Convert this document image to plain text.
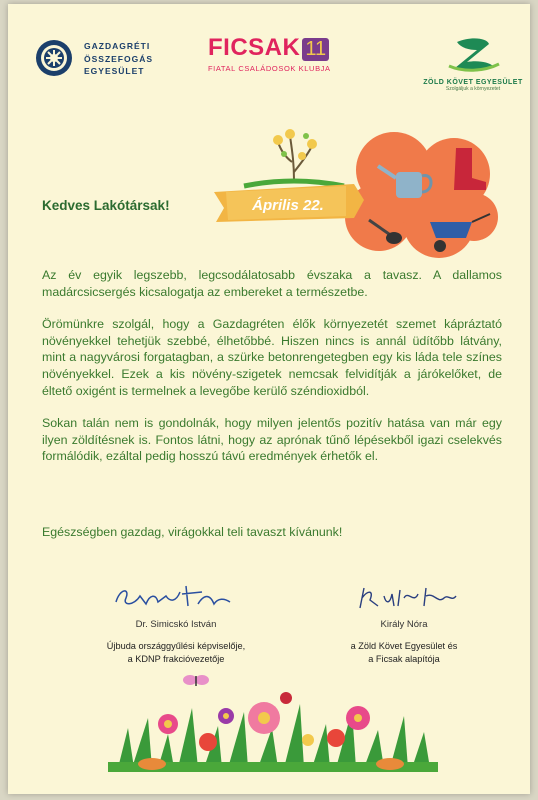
GAZDAGRÉTI
ÖSSZEFOGÁS
EGYESÜLET
FICSAK 11
FIATAL CSALÁDOSOK KLUBJA
ZÖLD KÖVET EGYESÜLET
Szolgáljuk a környezetet
Április 22.
Kedves Lakótársak!

Az év egyik legszebb, legcsodálatosabb évszaka a tavasz. A dallamos madárcsicsergés kicsalogatja az embereket a természetbe.

Örömünkre szolgál, hogy a Gazdagréten élők környezetét szemet kápráztató növényekkel tehetjük szebbé, élhetőbbé. Hiszen nincs is annál üdítőbb látvány, mint a nagyvárosi forgatagban, a szürke betonrengetegben egy kis láda tele színes növényekkel. Ezek a kis növény-szigetek nemcsak felvidítják a járókelőket, de éltető oxigént is termelnek a levegőbe kerülő széndioxidból.

Sokan talán nem is gondolnák, hogy milyen jelentős pozitív hatása van már egy ilyen zöldítésnek is. Fontos látni, hogy az aprónak tűnő lépésekből igazi cselekvés formálódik, ezáltal pedig hosszú távú eredmények érhetők el.

Egészségben gazdag, virágokkal teli tavaszt kívánunk!
Dr. Simicskó István
Újbuda országgyűlési képviselője,
a KDNP frakcióvezetője
Király Nóra
a Zöld Követ Egyesület és
a Ficsak alapítója
